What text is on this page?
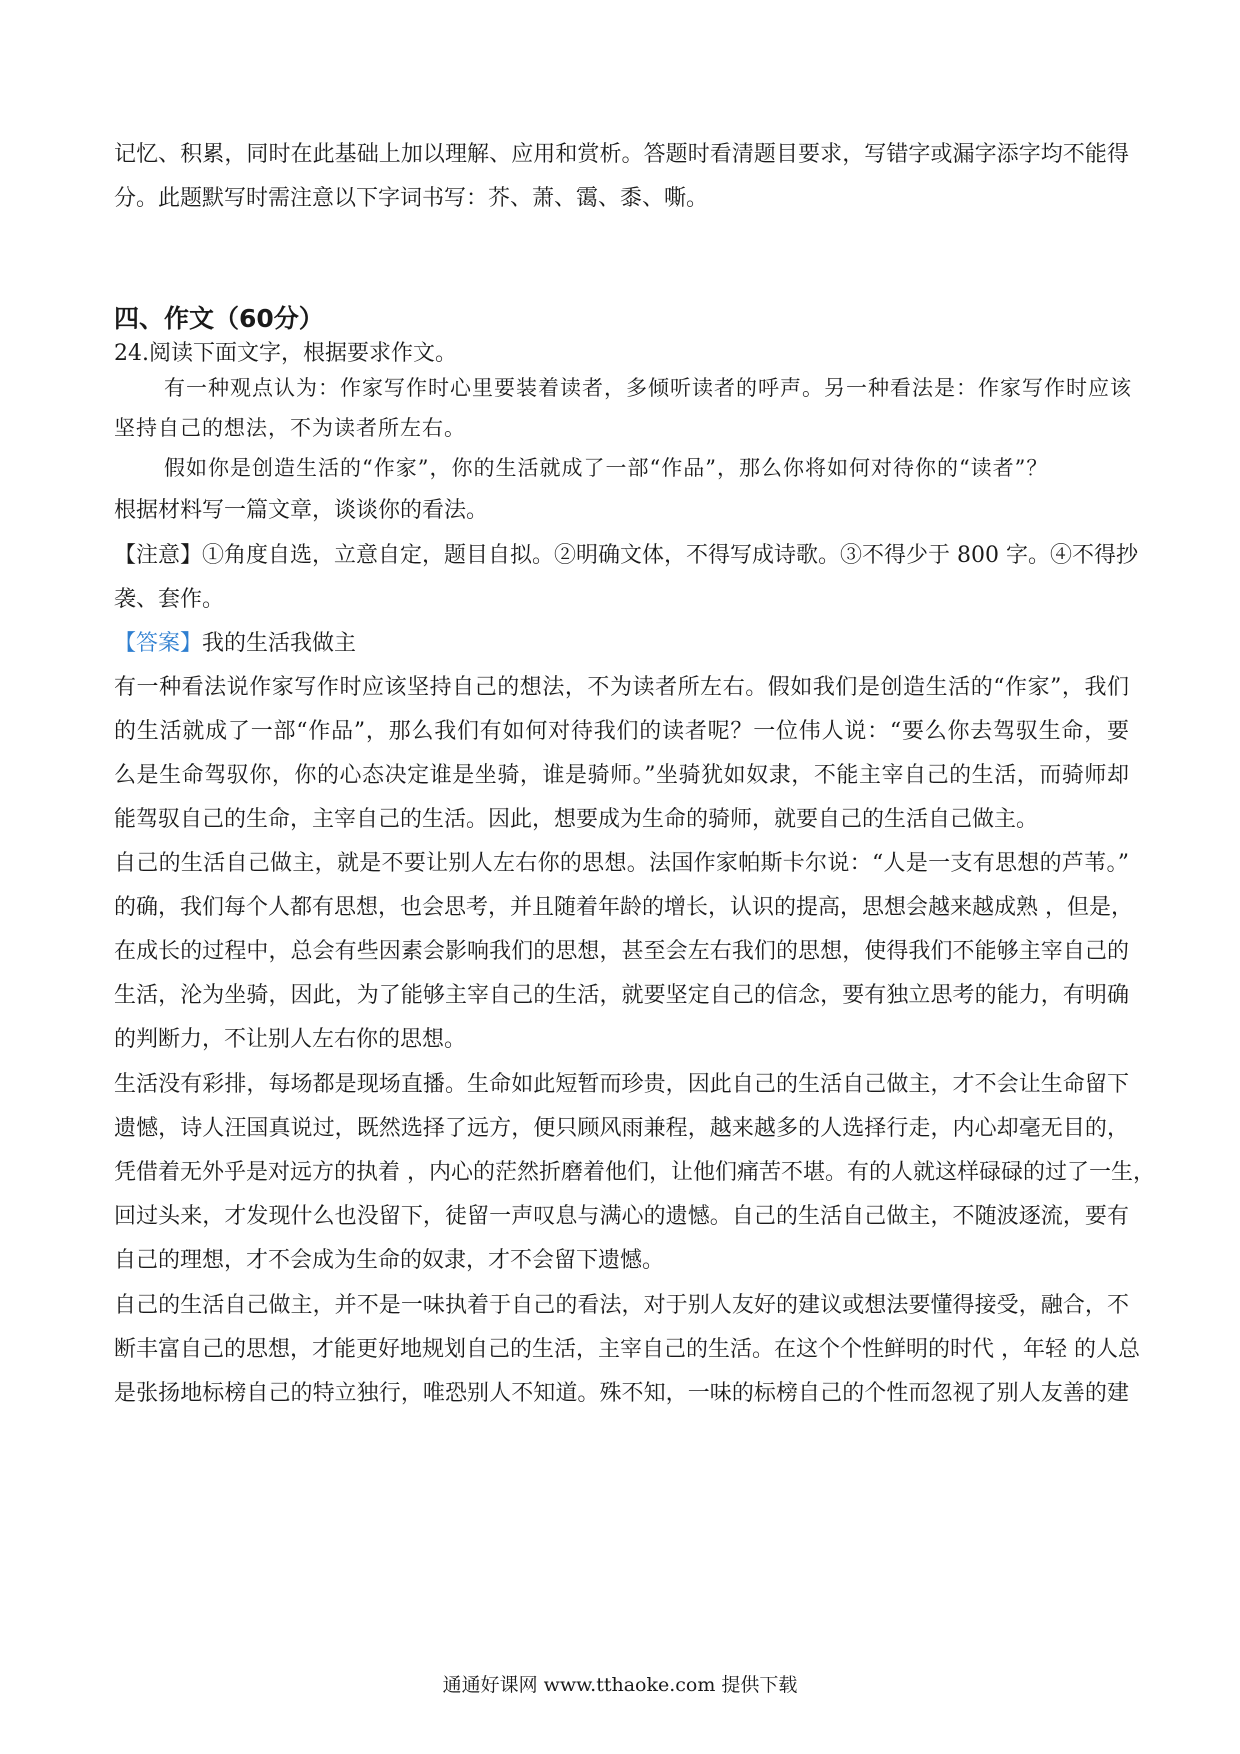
记忆、积累，同时在此基础上加以理解、应用和赏析。答题时看清题目要求，写错字或漏字添字均不能得
分。此题默写时需注意以下字词书写：芥、萧、霭、黍、嘶。
四、作文（60分）
24.阅读下面文字，根据要求作文。
有一种观点认为：作家写作时心里要装着读者，多倾听读者的呼声。另一种看法是：作家写作时应该
坚持自己的想法，不为读者所左右。
假如你是创造生活的“作家”，你的生活就成了一部“作品”，那么你将如何对待你的“读者”？
根据材料写一篇文章，谈谈你的看法。
【注意】①角度自选，立意自定，题目自拟。②明确文体，不得写成诗歌。③不得少于 800 字。④不得抄
袭、套作。
【答案】我的生活我做主
有一种看法说作家写作时应该坚持自己的想法，不为读者所左右。假如我们是创造生活的“作家”，我们
的生活就成了一部“作品”，那么我们有如何对待我们的读者呢？一位伟人说：“要么你去驾驭生命，要
么是生命驾驭你，你的心态决定谁是坐骑，谁是骑师。”坐骑犹如奴隶，不能主宰自己的生活，而骑师却
能驾驭自己的生命，主宰自己的生活。因此，想要成为生命的骑师，就要自己的生活自己做主。
自己的生活自己做主，就是不要让别人左右你的思想。法国作家帕斯卡尔说：“人是一支有思想的芦苇。”
的确，我们每个人都有思想，也会思考，并且随着年龄的增长，认识的提高，思想会越来越成熟 ，但是，
在成长的过程中，总会有些因素会影响我们的思想，甚至会左右我们的思想，使得我们不能够主宰自己的
生活，沦为坐骑，因此，为了能够主宰自己的生活，就要坚定自己的信念，要有独立思考的能力，有明确
的判断力，不让别人左右你的思想。
生活没有彩排，每场都是现场直播。生命如此短暂而珍贵，因此自己的生活自己做主，才不会让生命留下
遗憾，诗人汪国真说过，既然选择了远方，便只顾风雨兼程，越来越多的人选择行走，内心却毫无目的，
凭借着无外乎是对远方的执着 ，内心的茫然折磨着他们，让他们痛苦不堪。有的人就这样碌碌的过了一生，
回过头来，才发现什么也没留下，徒留一声叹息与满心的遗憾。自己的生活自己做主，不随波逐流，要有
自己的理想，才不会成为生命的奴隶，才不会留下遗憾。
自己的生活自己做主，并不是一味执着于自己的看法，对于别人友好的建议或想法要懂得接受，融合，不
断丰富自己的思想，才能更好地规划自己的生活，主宰自己的生活。在这个个性鲜明的时代 ，年轻 的人总
是张扬地标榜自己的特立独行，唯恐别人不知道。殊不知，一味的标榜自己的个性而忽视了别人友善的建
通通好课网 www.tthaoke.com 提供下载
